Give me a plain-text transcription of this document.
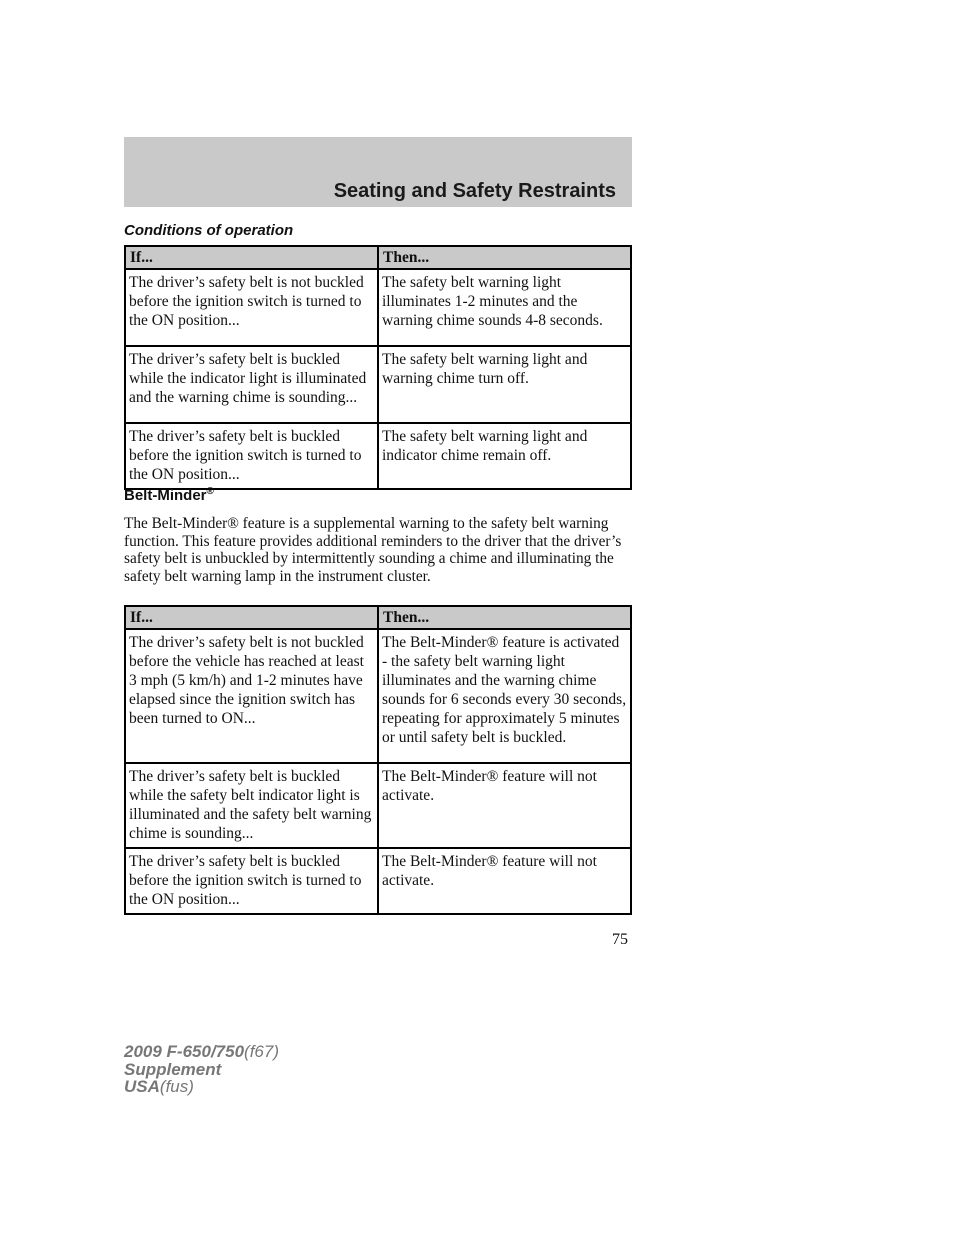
Seating and Safety Restraints
Conditions of operation
If...	Then...
The driver’s safety belt is not buckled before the ignition switch is turned to the ON position...	The safety belt warning light illuminates 1-2 minutes and the warning chime sounds 4-8 seconds.
The driver’s safety belt is buckled while the indicator light is illuminated and the warning chime is sounding...	The safety belt warning light and warning chime turn off.
The driver’s safety belt is buckled before the ignition switch is turned to the ON position...	The safety belt warning light and indicator chime remain off.
Belt-Minder®

The Belt-Minder® feature is a supplemental warning to the safety belt warning function. This feature provides additional reminders to the driver that the driver’s safety belt is unbuckled by intermittently sounding a chime and illuminating the safety belt warning lamp in the instrument cluster.

If...	Then...
The driver’s safety belt is not buckled before the vehicle has reached at least 3 mph (5 km/h) and 1-2 minutes have elapsed since the ignition switch has been turned to ON...	The Belt-Minder® feature is activated - the safety belt warning light illuminates and the warning chime sounds for 6 seconds every 30 seconds, repeating for approximately 5 minutes or until safety belt is buckled.
The driver’s safety belt is buckled while the safety belt indicator light is illuminated and the safety belt warning chime is sounding...	The Belt-Minder® feature will not activate.
The driver’s safety belt is buckled before the ignition switch is turned to the ON position...	The Belt-Minder® feature will not activate.
75
2009 F-650/750(f67)
Supplement
USA(fus)
